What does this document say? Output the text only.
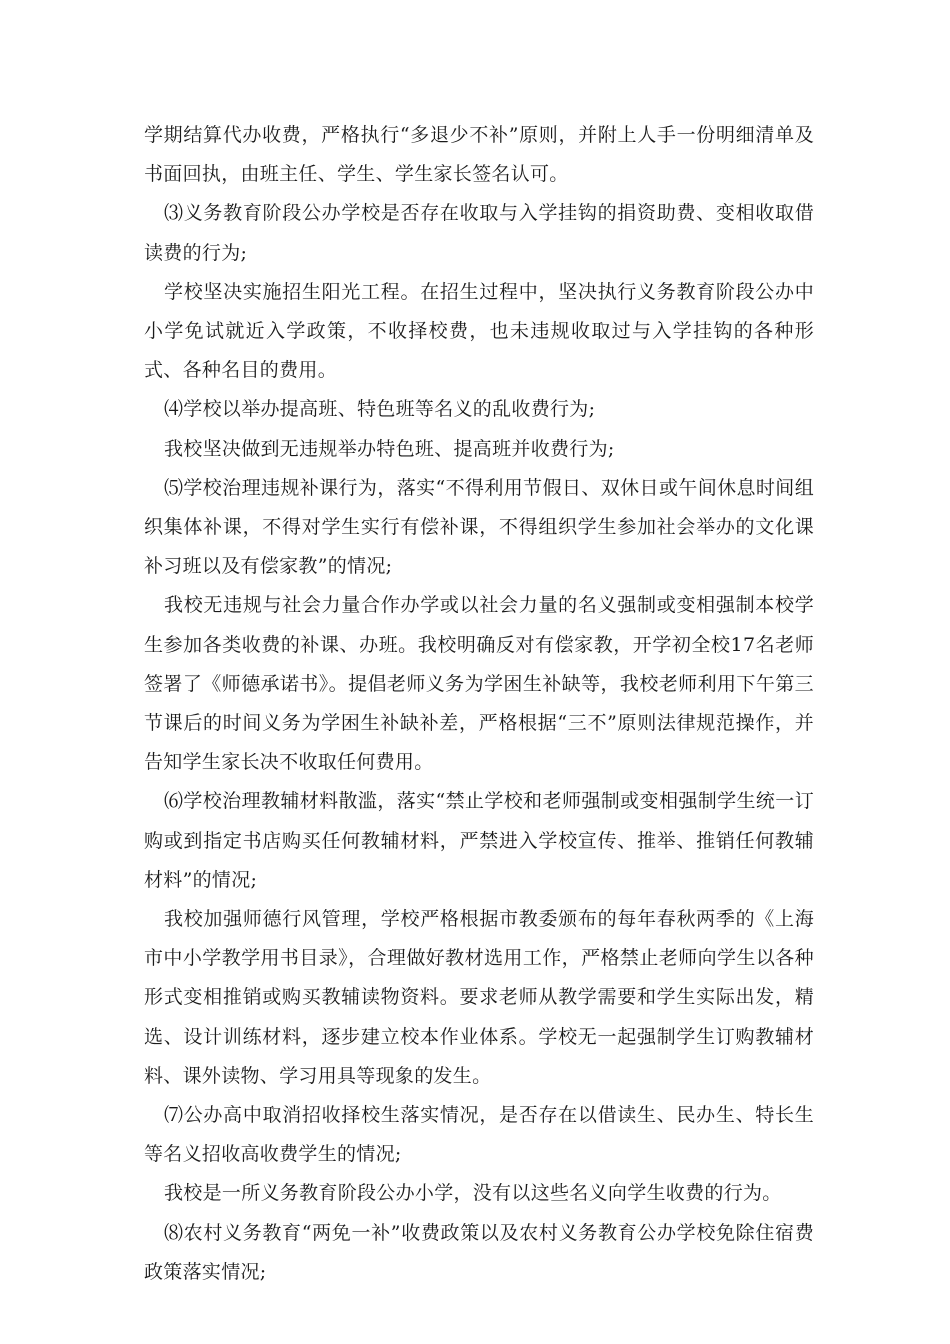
学期结算代办收费，严格执行“多退少不补”原则，并附上人手一份明细清单及书面回执，由班主任、学生、学生家长签名认可。

⑶义务教育阶段公办学校是否存在收取与入学挂钩的捐资助费、变相收取借读费的行为;

学校坚决实施招生阳光工程。在招生过程中，坚决执行义务教育阶段公办中小学免试就近入学政策，不收择校费，也未违规收取过与入学挂钩的各种形式、各种名目的费用。

⑷学校以举办提高班、特色班等名义的乱收费行为;

我校坚决做到无违规举办特色班、提高班并收费行为;

⑸学校治理违规补课行为，落实“不得利用节假日、双休日或午间休息时间组织集体补课，不得对学生实行有偿补课，不得组织学生参加社会举办的文化课补习班以及有偿家教”的情况;

我校无违规与社会力量合作办学或以社会力量的名义强制或变相强制本校学生参加各类收费的补课、办班。我校明确反对有偿家教，开学初全校17名老师签署了《师德承诺书》。提倡老师义务为学困生补缺等，我校老师利用下午第三节课后的时间义务为学困生补缺补差，严格根据“三不”原则法律规范操作，并告知学生家长决不收取任何费用。

⑹学校治理教辅材料散滥，落实“禁止学校和老师强制或变相强制学生统一订购或到指定书店购买任何教辅材料，严禁进入学校宣传、推举、推销任何教辅材料”的情况;

我校加强师德行风管理，学校严格根据市教委颁布的每年春秋两季的《上海市中小学教学用书目录》，合理做好教材选用工作，严格禁止老师向学生以各种形式变相推销或购买教辅读物资料。要求老师从教学需要和学生实际出发，精选、设计训练材料，逐步建立校本作业体系。学校无一起强制学生订购教辅材料、课外读物、学习用具等现象的发生。

⑺公办高中取消招收择校生落实情况，是否存在以借读生、民办生、特长生等名义招收高收费学生的情况;

我校是一所义务教育阶段公办小学，没有以这些名义向学生收费的行为。

⑻农村义务教育“两免一补”收费政策以及农村义务教育公办学校免除住宿费政策落实情况;
